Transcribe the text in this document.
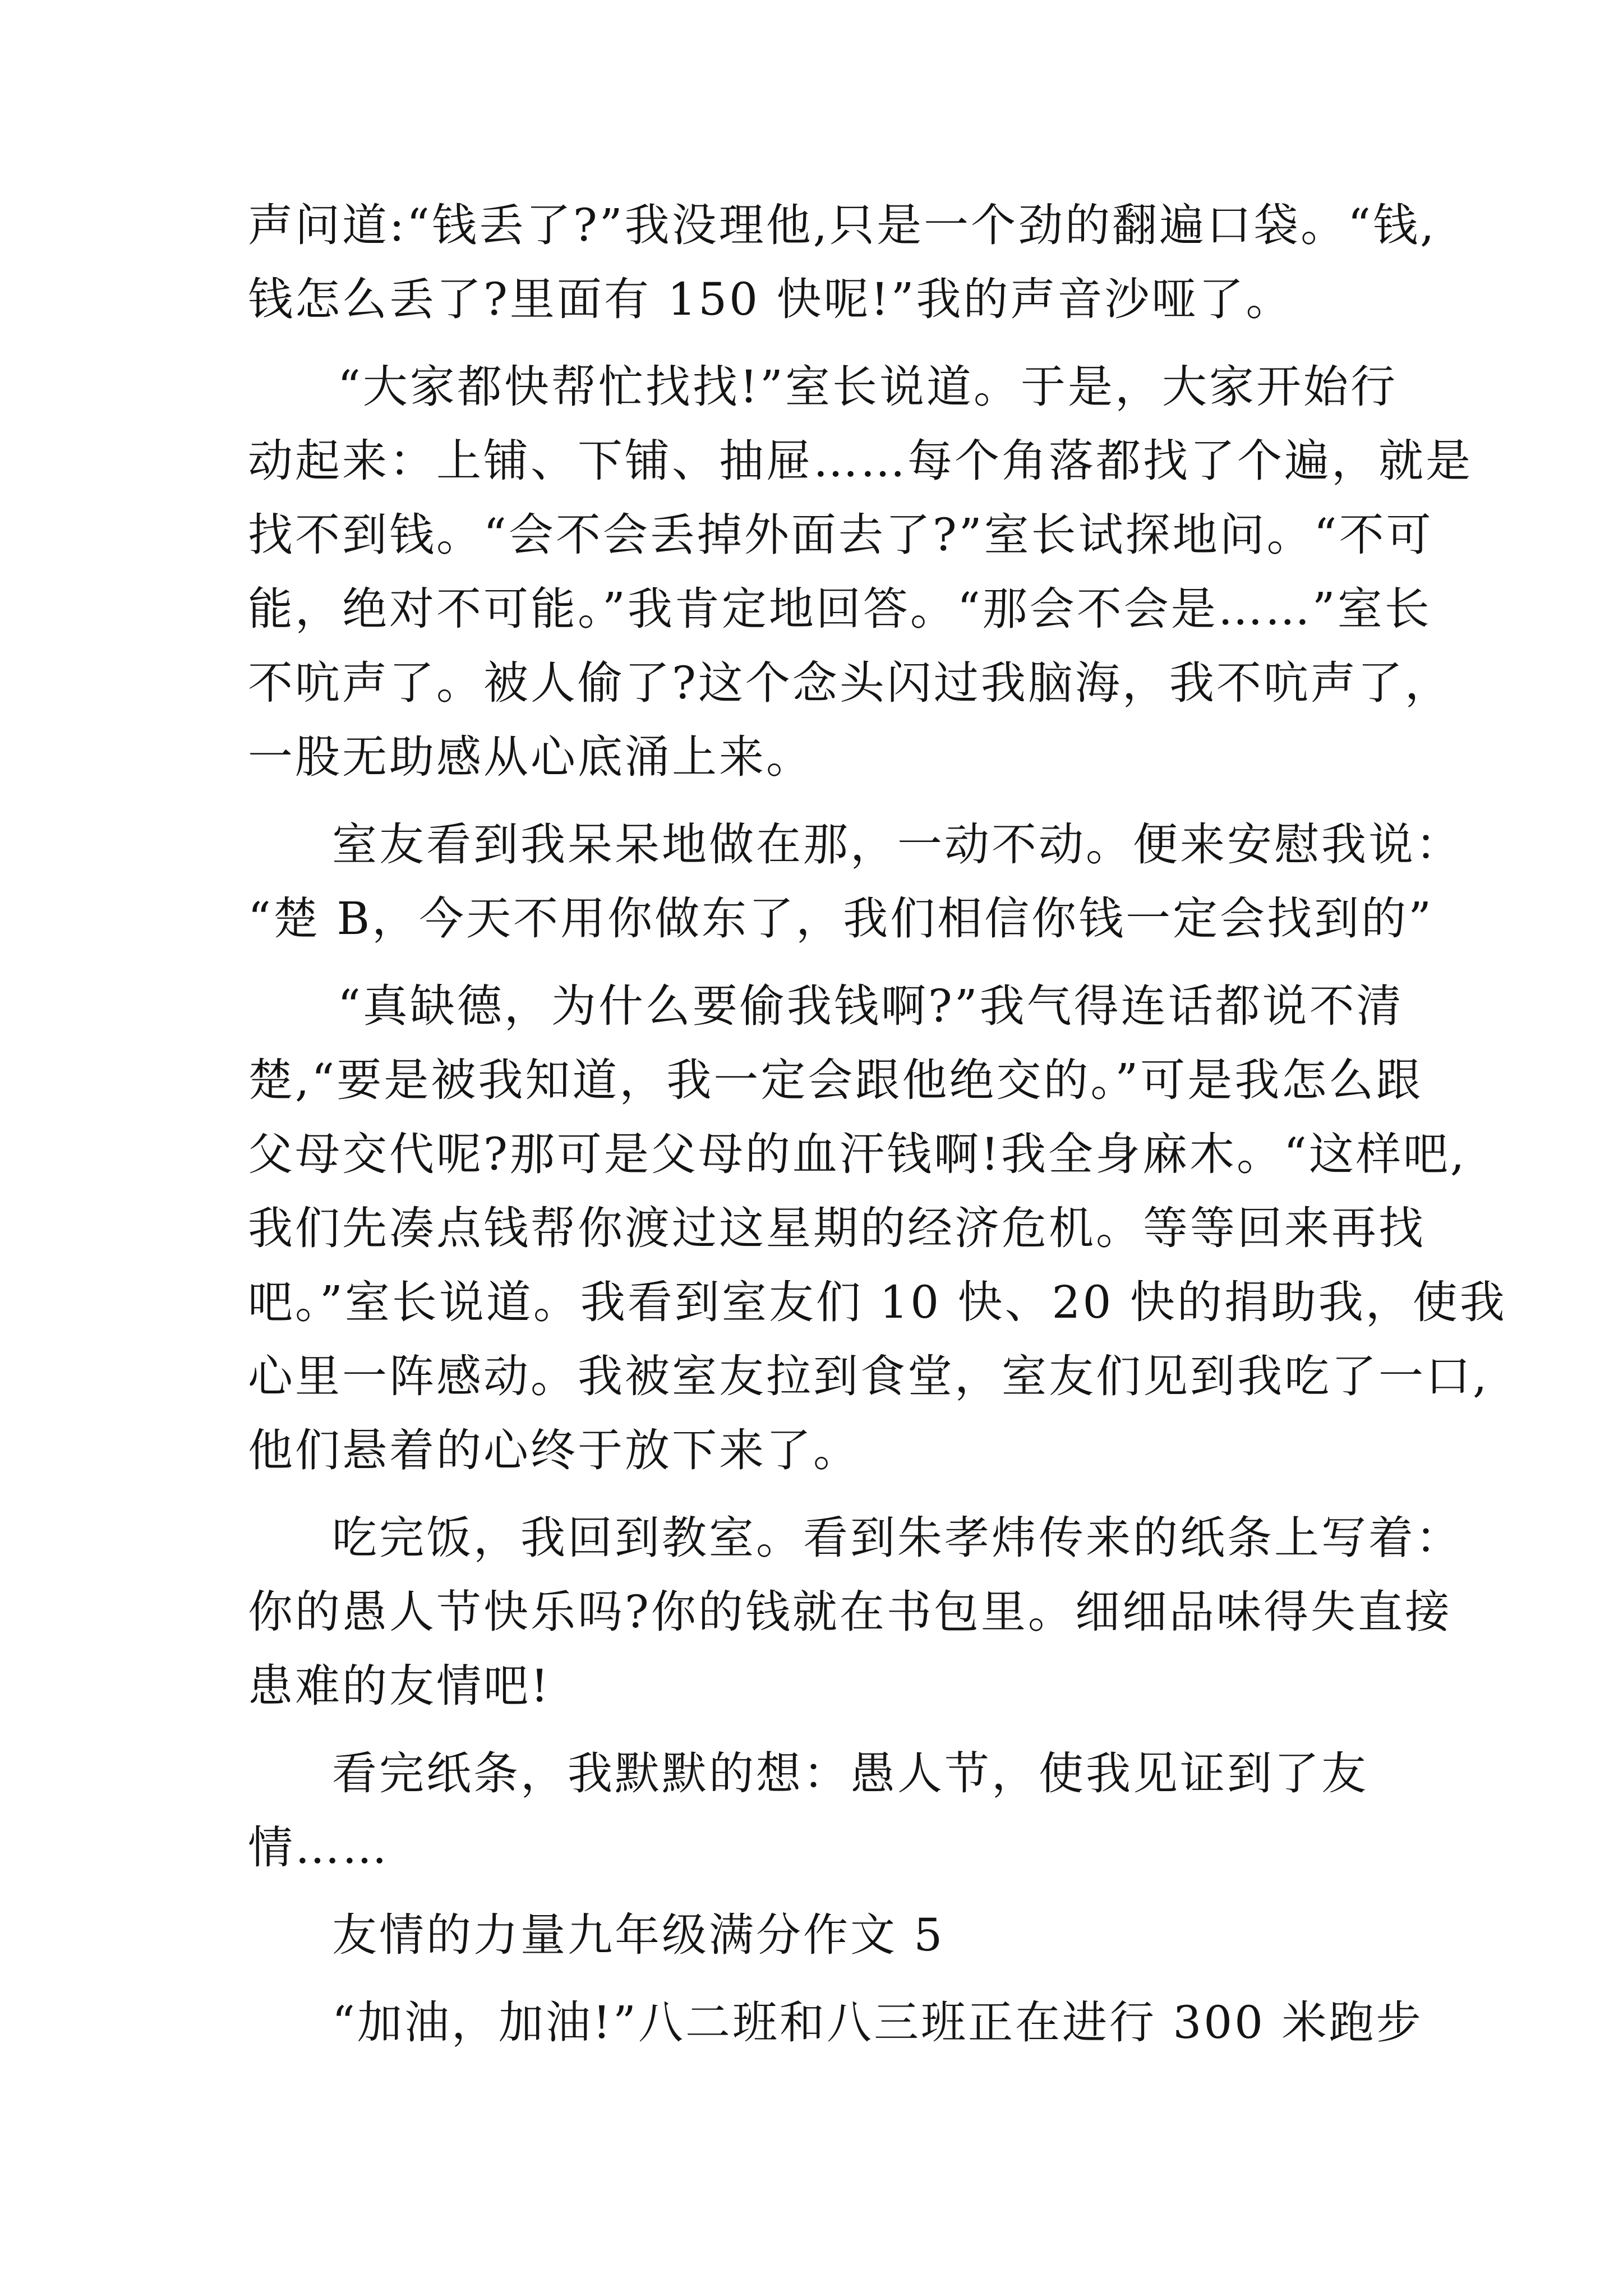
声问道:“钱丢了?”我没理他,只是一个劲的翻遍口袋。“钱,
钱怎么丢了?里面有 150 快呢!”我的声音沙哑了。
“大家都快帮忙找找!”室长说道。于是，大家开始行
动起来：上铺、下铺、抽屉……每个角落都找了个遍，就是
找不到钱。“会不会丢掉外面去了?”室长试探地问。“不可
能，绝对不可能。”我肯定地回答。“那会不会是……”室长
不吭声了。被人偷了?这个念头闪过我脑海，我不吭声了，
一股无助感从心底涌上来。
室友看到我呆呆地做在那，一动不动。便来安慰我说：
“楚 B，今天不用你做东了，我们相信你钱一定会找到的”
“真缺德，为什么要偷我钱啊?”我气得连话都说不清
楚,“要是被我知道，我一定会跟他绝交的。”可是我怎么跟
父母交代呢?那可是父母的血汗钱啊!我全身麻木。“这样吧,
我们先凑点钱帮你渡过这星期的经济危机。等等回来再找
吧。”室长说道。我看到室友们 10 快、20 快的捐助我，使我
心里一阵感动。我被室友拉到食堂，室友们见到我吃了一口,
他们悬着的心终于放下来了。
吃完饭，我回到教室。看到朱孝炜传来的纸条上写着：
你的愚人节快乐吗?你的钱就在书包里。细细品味得失直接
患难的友情吧!
看完纸条，我默默的想：愚人节，使我见证到了友
情……
友情的力量九年级满分作文 5
“加油，加油!”八二班和八三班正在进行 300 米跑步
